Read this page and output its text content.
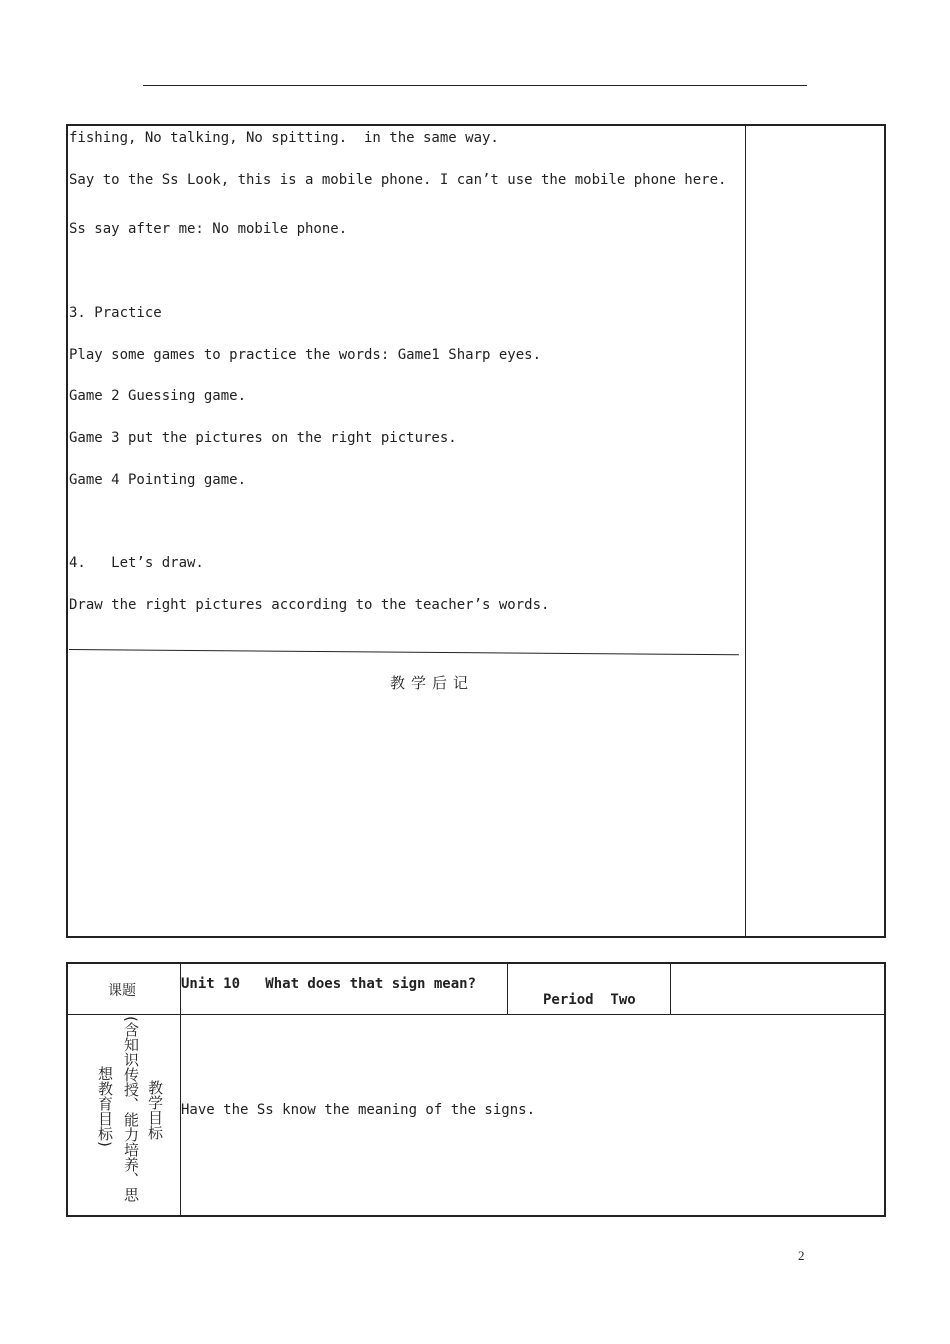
fishing, No talking, No spitting.  in the same way.
Say to the Ss Look, this is a mobile phone. I can’t use the mobile phone here.
Ss say after me: No mobile phone.
3. Practice
Play some games to practice the words: Game1 Sharp eyes.
Game 2 Guessing game.
Game 3 put the pictures on the right pictures.
Game 4 Pointing game.
4.   Let’s draw.
Draw the right pictures according to the teacher’s words.
教学后记
课题	Unit 10   What does that sign mean?
Period  Two
教学目标
(含知识传授、能力培养、思
想教育目标)	Have the Ss know the meaning of the signs.
2
